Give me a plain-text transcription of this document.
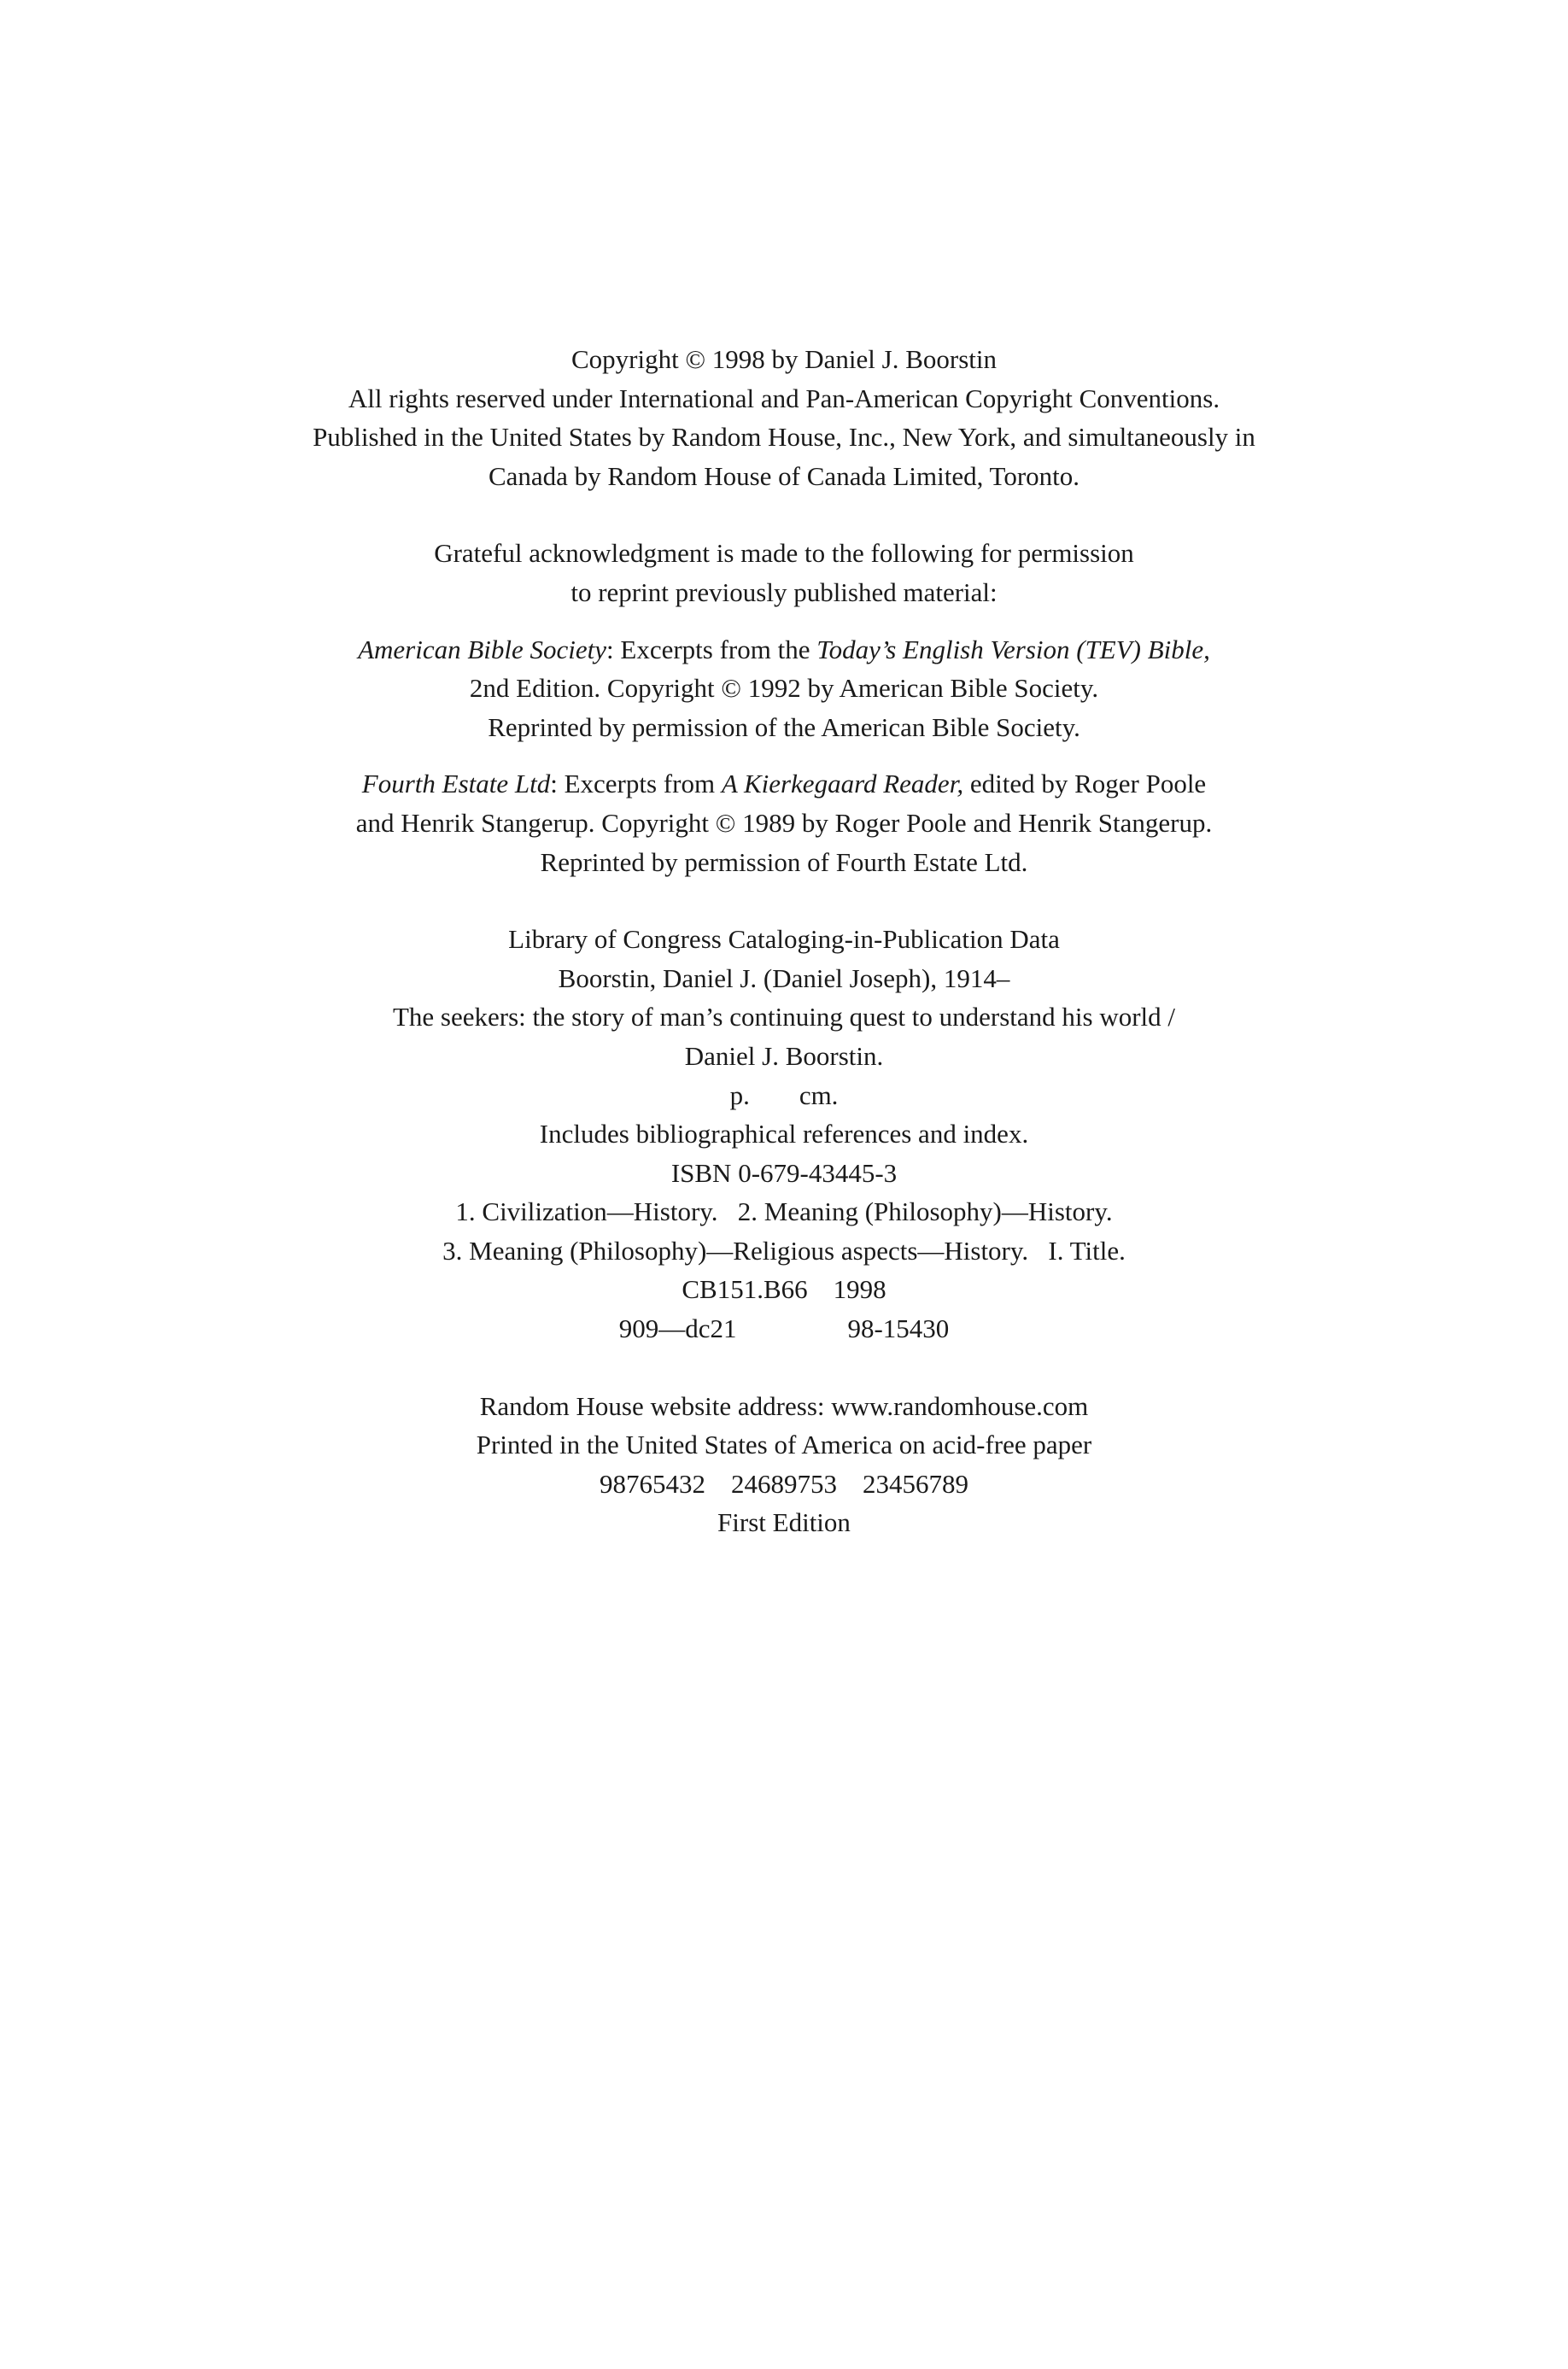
Copyright © 1998 by Daniel J. Boorstin
All rights reserved under International and Pan-American Copyright Conventions.
Published in the United States by Random House, Inc., New York, and simultaneously in
Canada by Random House of Canada Limited, Toronto.
Grateful acknowledgment is made to the following for permission
to reprint previously published material:
American Bible Society: Excerpts from the Today’s English Version (TEV) Bible,
2nd Edition. Copyright © 1992 by American Bible Society.
Reprinted by permission of the American Bible Society.
Fourth Estate Ltd: Excerpts from A Kierkegaard Reader, edited by Roger Poole
and Henrik Stangerup. Copyright © 1989 by Roger Poole and Henrik Stangerup.
Reprinted by permission of Fourth Estate Ltd.
Library of Congress Cataloging-in-Publication Data
Boorstin, Daniel J. (Daniel Joseph), 1914–
The seekers: the story of man’s continuing quest to understand his world /
Daniel J. Boorstin.
p. cm.
Includes bibliographical references and index.
ISBN 0-679-43445-3
1. Civilization—History.   2. Meaning (Philosophy)—History.
3. Meaning (Philosophy)—Religious aspects—History.   I. Title.
CB151.B66 1998
909—dc21	98-15430
Random House website address: www.randomhouse.com
Printed in the United States of America on acid-free paper
98765432 24689753 23456789
First Edition
